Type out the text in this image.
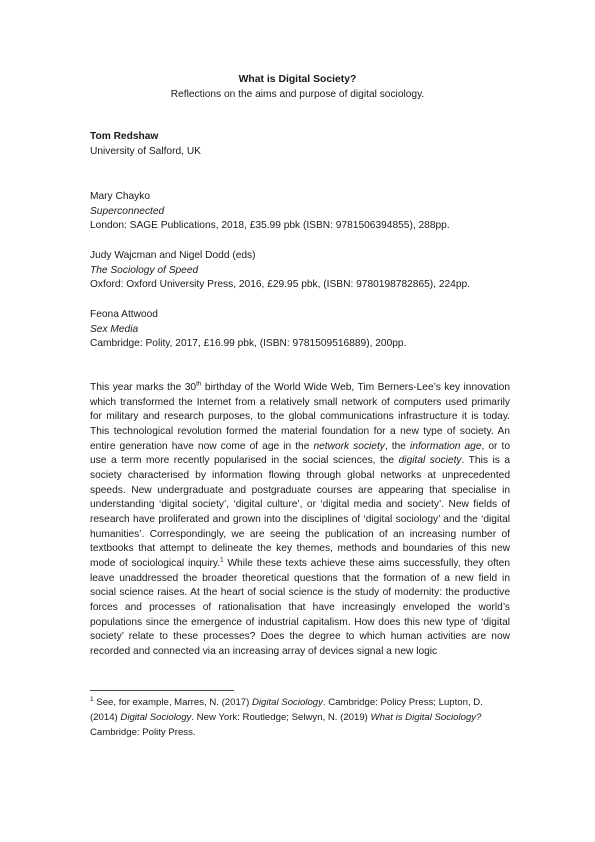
What is Digital Society?
Reflections on the aims and purpose of digital sociology.
Tom Redshaw
University of Salford, UK
Mary Chayko
Superconnected
London: SAGE Publications, 2018, £35.99 pbk (ISBN: 9781506394855), 288pp.
Judy Wajcman and Nigel Dodd (eds)
The Sociology of Speed
Oxford: Oxford University Press, 2016, £29.95 pbk, (ISBN: 9780198782865), 224pp.
Feona Attwood
Sex Media
Cambridge: Polity, 2017, £16.99 pbk, (ISBN: 9781509516889), 200pp.

This year marks the 30th birthday of the World Wide Web, Tim Berners-Lee’s key innovation which transformed the Internet from a relatively small network of computers used primarily for military and research purposes, to the global communications infrastructure it is today. This technological revolution formed the material foundation for a new type of society. An entire generation have now come of age in the network society, the information age, or to use a term more recently popularised in the social sciences, the digital society. This is a society characterised by information flowing through global networks at unprecedented speeds. New undergraduate and postgraduate courses are appearing that specialise in understanding ‘digital society’, ‘digital culture’, or ‘digital media and society’. New fields of research have proliferated and grown into the disciplines of ‘digital sociology’ and the ‘digital humanities’. Correspondingly, we are seeing the publication of an increasing number of textbooks that attempt to delineate the key themes, methods and boundaries of this new mode of sociological inquiry.$^1$ While these texts achieve these aims successfully, they often leave unaddressed the broader theoretical questions that the formation of a new field in social science raises. At the heart of social science is the study of modernity: the productive forces and processes of rationalisation that have increasingly enveloped the world’s populations since the emergence of industrial capitalism. How does this new type of ‘digital society’ relate to these processes? Does the degree to which human activities are now recorded and connected via an increasing array of devices signal a new logic

$^1$ See, for example, Marres, N. (2017) Digital Sociology. Cambridge: Policy Press; Lupton, D. (2014) Digital Sociology. New York: Routledge; Selwyn, N. (2019) What is Digital Sociology? Cambridge: Polity Press.
